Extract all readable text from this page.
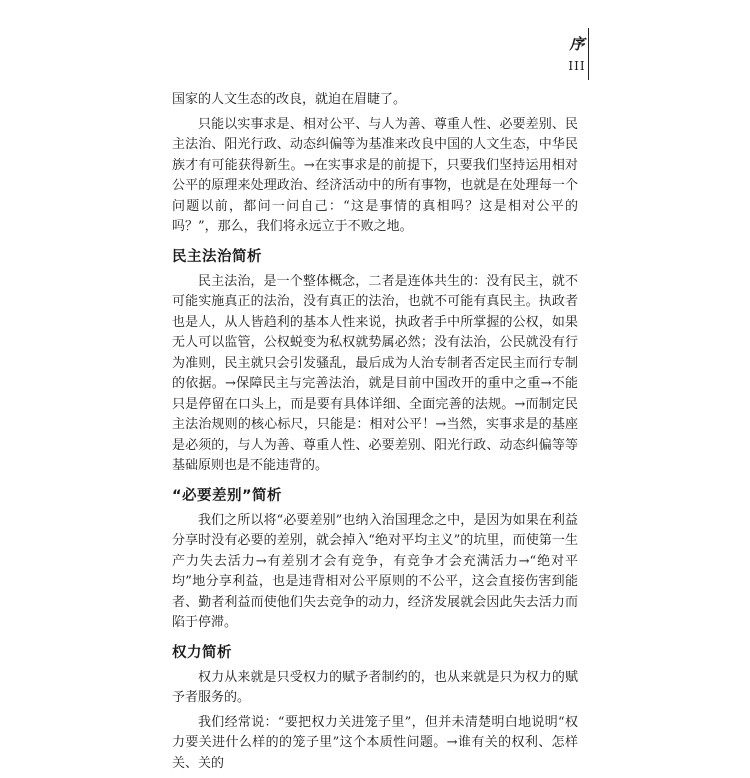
序
III

国家的人文生态的改良，就迫在眉睫了。

只能以实事求是、相对公平、与人为善、尊重人性、必要差别、民主法治、阳光行政、动态纠偏等为基准来改良中国的人文生态，中华民族才有可能获得新生。→在实事求是的前提下，只要我们坚持运用相对公平的原理来处理政治、经济活动中的所有事物，也就是在处理每一个问题以前，都问一问自己：“这是事情的真相吗？这是相对公平的吗？”，那么，我们将永远立于不败之地。

民主法治简析

民主法治，是一个整体概念，二者是连体共生的：没有民主，就不可能实施真正的法治，没有真正的法治，也就不可能有真民主。执政者也是人，从人皆趋利的基本人性来说，执政者手中所掌握的公权，如果无人可以监管，公权蜕变为私权就势属必然；没有法治，公民就没有行为准则，民主就只会引发骚乱，最后成为人治专制者否定民主而行专制的依据。→保障民主与完善法治，就是目前中国改开的重中之重→不能只是停留在口头上，而是要有具体详细、全面完善的法规。→而制定民主法治规则的核心标尺，只能是：相对公平！→当然，实事求是的基座是必须的，与人为善、尊重人性、必要差别、阳光行政、动态纠偏等等基础原则也是不能违背的。

“必要差别”简析

我们之所以将“必要差别”也纳入治国理念之中，是因为如果在利益分享时没有必要的差别，就会掉入“绝对平均主义”的坑里，而使第一生产力失去活力→有差别才会有竞争，有竞争才会充满活力→“绝对平均”地分享利益，也是违背相对公平原则的不公平，这会直接伤害到能者、勤者利益而使他们失去竞争的动力，经济发展就会因此失去活力而陷于停滞。

权力简析

权力从来就是只受权力的赋予者制约的，也从来就是只为权力的赋予者服务的。

我们经常说：“要把权力关进笼子里”，但并未清楚明白地说明“权力要关进什么样的的笼子里”这个本质性问题。→谁有关的权利、怎样关、关的
